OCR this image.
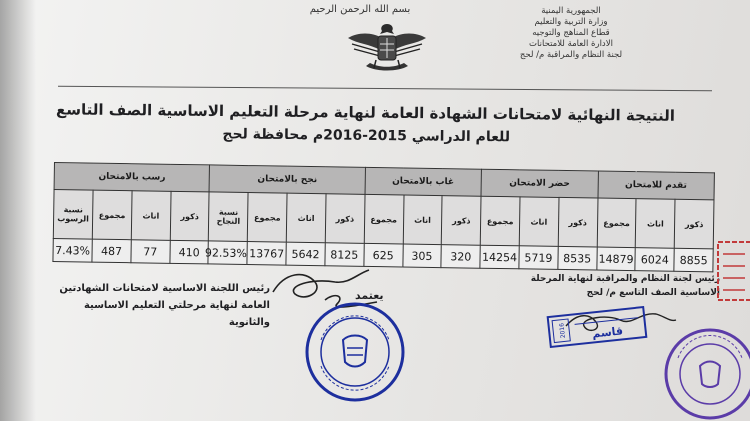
بسم الله الرحمن الرحيم	الجمهورية اليمنية
وزارة التربية والتعليم
قطاع المناهج والتوجيه
الادارة العامة للامتحانات
لجنة النظام والمراقبة م/ لحج
النتيجة النهائية لامتحانات الشهادة العامة لنهاية مرحلة التعليم الاساسية الصف التاسع
للعام الدراسي 2015-2016م محافظة لحج
تقدم للامتحان			حضر الامتحان			غاب بالامتحان			نجح بالامتحان				رسب بالامتحان			
ذكور	اناث	مجموع	ذكور	اناث	مجموع	ذكور	اناث	مجموع	ذكور	اناث	مجموع	نسبة النجاح	ذكور	اناث	مجموع	نسبة الرسوب
8855	6024	14879	8535	5719	14254	320	305	625	8125	5642	13767	92.53%	410	77	487	7.43%
رئيس لجنة النظام والمراقبة لنهاية المرحلة الاساسية الصف التاسع م/ لحج
رئيس اللجنة الاساسية لامتحانات الشهادتين العامة لنهاية مرحلتي التعليم الاساسية والثانوية
يعتمد
2016 قاسم
